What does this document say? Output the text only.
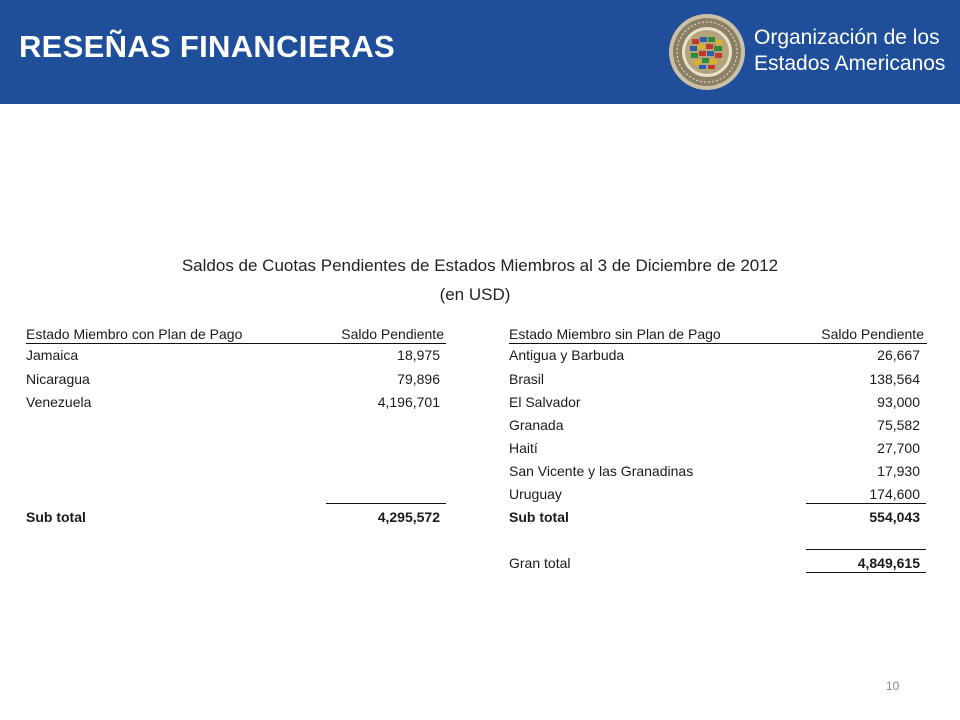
RESEÑAS FINANCIERAS	Organización de los
Estados Americanos
Saldos de Cuotas Pendientes de Estados Miembros al 3 de Diciembre de 2012
(en USD)
Estado Miembro con Plan de Pago	Saldo Pendiente
Jamaica	18,975
Nicaragua	79,896
Venezuela	4,196,701
Sub total	4,295,572
Estado Miembro sin Plan de Pago	Saldo Pendiente
Antigua y Barbuda	26,667
Brasil	138,564
El Salvador	93,000
Granada	75,582
Haití	27,700
San Vicente y las Granadinas	17,930
Uruguay	174,600
Sub total	554,043
Gran total	4,849,615
10
